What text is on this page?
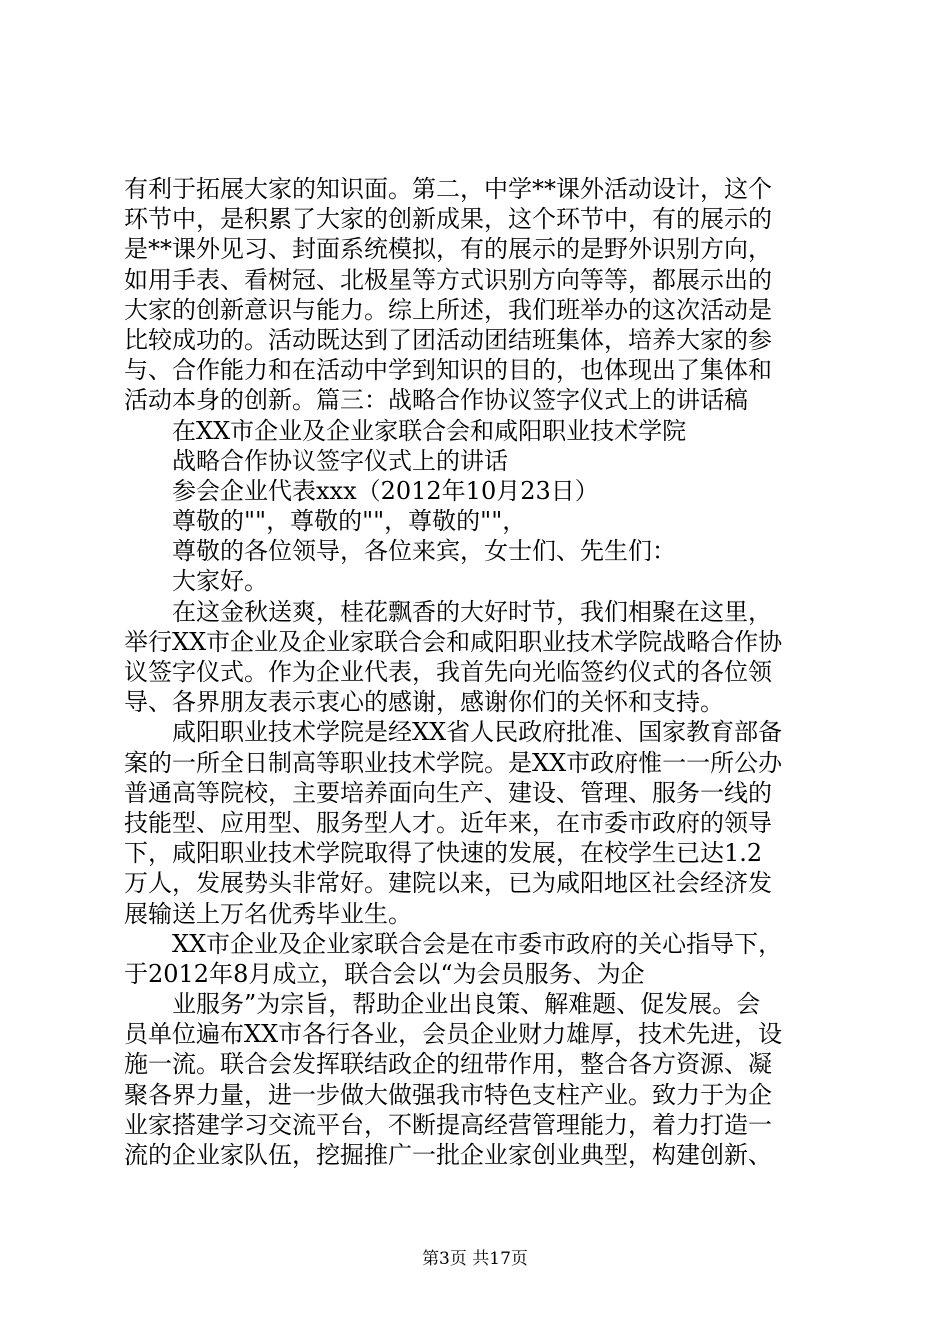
有利于拓展大家的知识面。第二，中学**课外活动设计，这个
环节中，是积累了大家的创新成果，这个环节中，有的展示的
是**课外见习、封面系统模拟，有的展示的是野外识别方向，
如用手表、看树冠、北极星等方式识别方向等等，都展示出的
大家的创新意识与能力。综上所述，我们班举办的这次活动是
比较成功的。活动既达到了团活动团结班集体，培养大家的参
与、合作能力和在活动中学到知识的目的，也体现出了集体和
活动本身的创新。篇三：战略合作协议签字仪式上的讲话稿
在XX市企业及企业家联合会和咸阳职业技术学院
战略合作协议签字仪式上的讲话
参会企业代表xxx（2012年10月23日）
尊敬的""，尊敬的""，尊敬的""，
尊敬的各位领导，各位来宾，女士们、先生们：
大家好。
在这金秋送爽，桂花飘香的大好时节，我们相聚在这里，
举行XX市企业及企业家联合会和咸阳职业技术学院战略合作协
议签字仪式。作为企业代表，我首先向光临签约仪式的各位领
导、各界朋友表示衷心的感谢，感谢你们的关怀和支持。
咸阳职业技术学院是经XX省人民政府批准、国家教育部备
案的一所全日制高等职业技术学院。是XX市政府惟一一所公办
普通高等院校，主要培养面向生产、建设、管理、服务一线的
技能型、应用型、服务型人才。近年来，在市委市政府的领导
下，咸阳职业技术学院取得了快速的发展，在校学生已达1.2
万人，发展势头非常好。建院以来，已为咸阳地区社会经济发
展输送上万名优秀毕业生。
XX市企业及企业家联合会是在市委市政府的关心指导下，
于2012年8月成立，联合会以“为会员服务、为企
业服务”为宗旨，帮助企业出良策、解难题、促发展。会
员单位遍布XX市各行各业，会员企业财力雄厚，技术先进，设
施一流。联合会发挥联结政企的纽带作用，整合各方资源、凝
聚各界力量，进一步做大做强我市特色支柱产业。致力于为企
业家搭建学习交流平台，不断提高经营管理能力，着力打造一
流的企业家队伍，挖掘推广一批企业家创业典型，构建创新、
第3页 共17页
